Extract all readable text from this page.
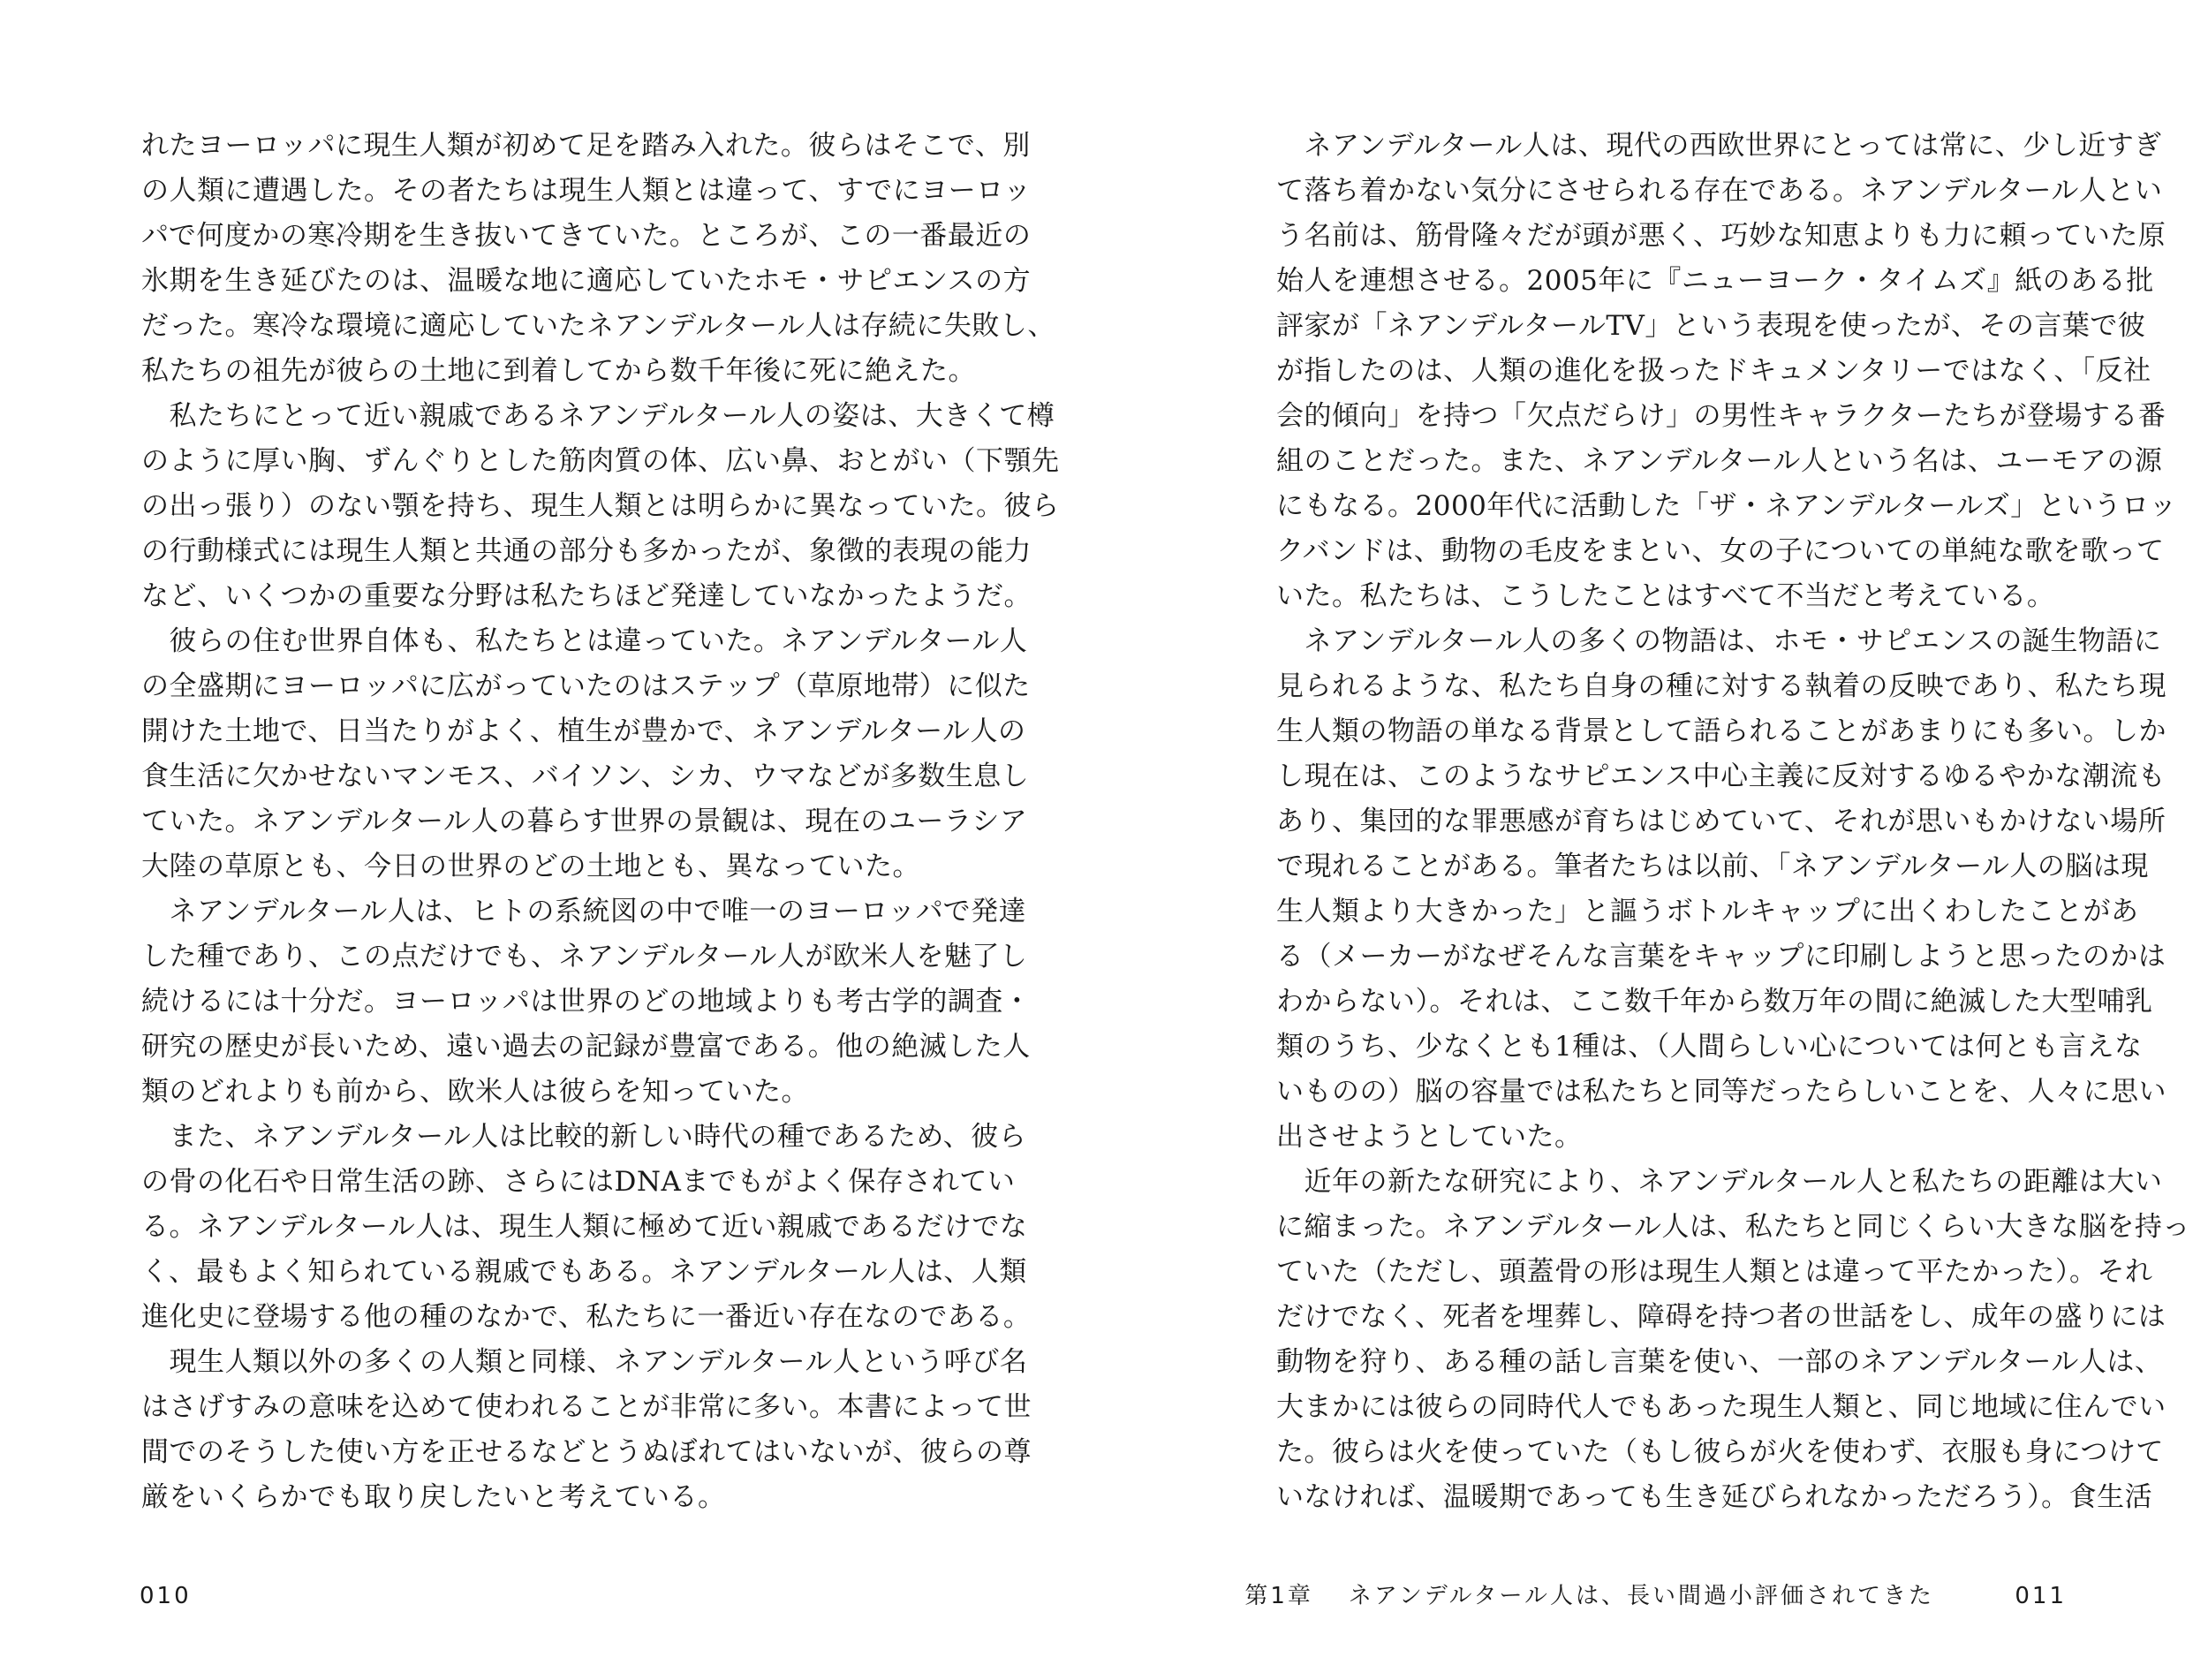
れたヨーロッパに現生人類が初めて足を踏み入れた。彼らはそこで、別
の人類に遭遇した。その者たちは現生人類とは違って、すでにヨーロッ
パで何度かの寒冷期を生き抜いてきていた。ところが、この一番最近の
氷期を生き延びたのは、温暖な地に適応していたホモ・サピエンスの方
だった。寒冷な環境に適応していたネアンデルタール人は存続に失敗し、
私たちの祖先が彼らの土地に到着してから数千年後に死に絶えた。
　私たちにとって近い親戚であるネアンデルタール人の姿は、大きくて樽
のように厚い胸、ずんぐりとした筋肉質の体、広い鼻、おとがい（下顎先
の出っ張り）のない顎を持ち、現生人類とは明らかに異なっていた。彼ら
の行動様式には現生人類と共通の部分も多かったが、象徴的表現の能力
など、いくつかの重要な分野は私たちほど発達していなかったようだ。
　彼らの住む世界自体も、私たちとは違っていた。ネアンデルタール人
の全盛期にヨーロッパに広がっていたのはステップ（草原地帯）に似た
開けた土地で、日当たりがよく、植生が豊かで、ネアンデルタール人の
食生活に欠かせないマンモス、バイソン、シカ、ウマなどが多数生息し
ていた。ネアンデルタール人の暮らす世界の景観は、現在のユーラシア
大陸の草原とも、今日の世界のどの土地とも、異なっていた。
　ネアンデルタール人は、ヒトの系統図の中で唯一のヨーロッパで発達
した種であり、この点だけでも、ネアンデルタール人が欧米人を魅了し
続けるには十分だ。ヨーロッパは世界のどの地域よりも考古学的調査・
研究の歴史が長いため、遠い過去の記録が豊富である。他の絶滅した人
類のどれよりも前から、欧米人は彼らを知っていた。
　また、ネアンデルタール人は比較的新しい時代の種であるため、彼ら
の骨の化石や日常生活の跡、さらにはDNAまでもがよく保存されてい
る。ネアンデルタール人は、現生人類に極めて近い親戚であるだけでな
く、最もよく知られている親戚でもある。ネアンデルタール人は、人類
進化史に登場する他の種のなかで、私たちに一番近い存在なのである。
　現生人類以外の多くの人類と同様、ネアンデルタール人という呼び名
はさげすみの意味を込めて使われることが非常に多い。本書によって世
間でのそうした使い方を正せるなどとうぬぼれてはいないが、彼らの尊
厳をいくらかでも取り戻したいと考えている。
010
　ネアンデルタール人は、現代の西欧世界にとっては常に、少し近すぎ
て落ち着かない気分にさせられる存在である。ネアンデルタール人とい
う名前は、筋骨隆々だが頭が悪く、巧妙な知恵よりも力に頼っていた原
始人を連想させる。2005年に『ニューヨーク・タイムズ』紙のある批
評家が「ネアンデルタールTV」という表現を使ったが、その言葉で彼
が指したのは、人類の進化を扱ったドキュメンタリーではなく、「反社
会的傾向」を持つ「欠点だらけ」の男性キャラクターたちが登場する番
組のことだった。また、ネアンデルタール人という名は、ユーモアの源
にもなる。2000年代に活動した「ザ・ネアンデルタールズ」というロッ
クバンドは、動物の毛皮をまとい、女の子についての単純な歌を歌って
いた。私たちは、こうしたことはすべて不当だと考えている。
　ネアンデルタール人の多くの物語は、ホモ・サピエンスの誕生物語に
見られるような、私たち自身の種に対する執着の反映であり、私たち現
生人類の物語の単なる背景として語られることがあまりにも多い。しか
し現在は、このようなサピエンス中心主義に反対するゆるやかな潮流も
あり、集団的な罪悪感が育ちはじめていて、それが思いもかけない場所
で現れることがある。筆者たちは以前、「ネアンデルタール人の脳は現
生人類より大きかった」と謳うボトルキャップに出くわしたことがあ
る（メーカーがなぜそんな言葉をキャップに印刷しようと思ったのかは
わからない）。それは、ここ数千年から数万年の間に絶滅した大型哺乳
類のうち、少なくとも1種は、（人間らしい心については何とも言えな
いものの）脳の容量では私たちと同等だったらしいことを、人々に思い
出させようとしていた。
　近年の新たな研究により、ネアンデルタール人と私たちの距離は大い
に縮まった。ネアンデルタール人は、私たちと同じくらい大きな脳を持っ
ていた（ただし、頭蓋骨の形は現生人類とは違って平たかった）。それ
だけでなく、死者を埋葬し、障碍を持つ者の世話をし、成年の盛りには
動物を狩り、ある種の話し言葉を使い、一部のネアンデルタール人は、
大まかには彼らの同時代人でもあった現生人類と、同じ地域に住んでい
た。彼らは火を使っていた（もし彼らが火を使わず、衣服も身につけて
いなければ、温暖期であっても生き延びられなかっただろう）。食生活
第1章 ネアンデルタール人は、長い間過小評価されてきた	011
